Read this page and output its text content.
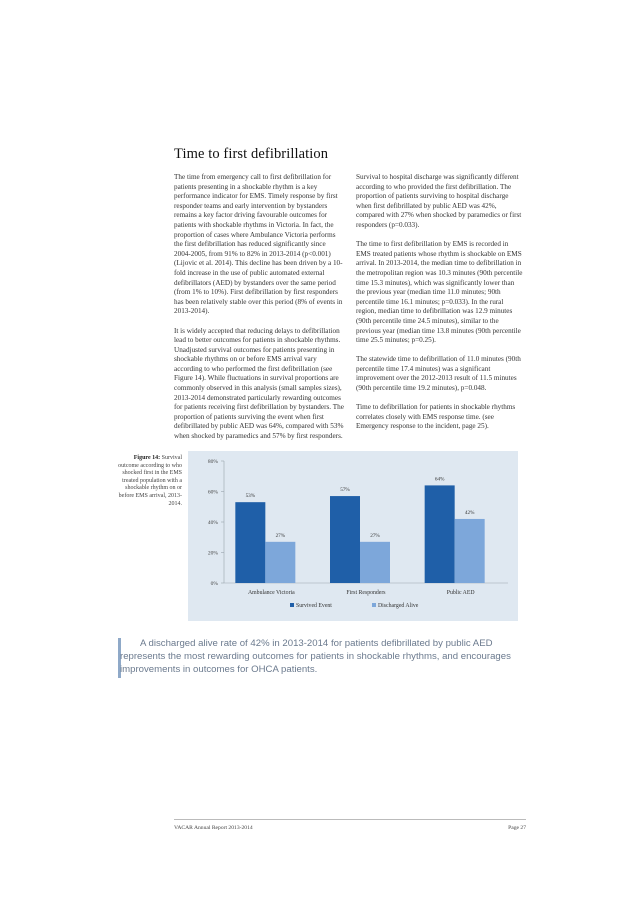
Time to first defibrillation

The time from emergency call to first defibrillation for patients presenting in a shockable rhythm is a key performance indicator for EMS. Timely response by first responder teams and early intervention by bystanders remains a key factor driving favourable outcomes for patients with shockable rhythms in Victoria. In fact, the proportion of cases where Ambulance Victoria performs the first defibrillation has reduced significantly since 2004-2005, from 91% to 82% in 2013-2014 (p<0.001) (Lijovic et al. 2014). This decline has been driven by a 10-fold increase in the use of public automated external defibrillators (AED) by bystanders over the same period (from 1% to 10%). First defibrillation by first responders has been relatively stable over this period (8% of events in 2013-2014).

It is widely accepted that reducing delays to defibrillation lead to better outcomes for patients in shockable rhythms. Unadjusted survival outcomes for patients presenting in shockable rhythms on or before EMS arrival vary according to who performed the first defibrillation (see Figure 14). While fluctuations in survival proportions are commonly observed in this analysis (small samples sizes), 2013-2014 demonstrated particularly rewarding outcomes for patients receiving first defibrillation by bystanders. The proportion of patients surviving the event when first defibrillated by public AED was 64%, compared with 53% when shocked by paramedics and 57% by first responders.

Survival to hospital discharge was significantly different according to who provided the first defibrillation. The proportion of patients surviving to hospital discharge when first defibrillated by public AED was 42%, compared with 27% when shocked by paramedics or first responders (p=0.033).

The time to first defibrillation by EMS is recorded in EMS treated patients whose rhythm is shockable on EMS arrival. In 2013-2014, the median time to defibrillation in the metropolitan region was 10.3 minutes (90th percentile time 15.3 minutes), which was significantly lower than the previous year (median time 11.0 minutes; 90th percentile time 16.1 minutes; p=0.033). In the rural region, median time to defibrillation was 12.9 minutes (90th percentile time 24.5 minutes), similar to the previous year (median time 13.8 minutes (90th percentile time 25.5 minutes; p=0.25).

The statewide time to defibrillation of 11.0 minutes (90th percentile time 17.4 minutes) was a significant improvement over the 2012-2013 result of 11.5 minutes (90th percentile time 19.2 minutes), p=0.048.

Time to defibrillation for patients in shockable rhythms correlates closely with EMS response time. (see Emergency response to the incident, page 25).

Figure 14: Survival outcome according to who shocked first in the EMS treated population with a shockable rhythm on or before EMS arrival, 2013-2014.
0%
20%
40%
60%
80%
53%
27%
Ambulance Victoria
57%
27%
First Responders
64%
42%
Public AED
Survived Event	Discharged Alive
A discharged alive rate of 42% in 2013-2014 for patients defibrillated by public AED represents the most rewarding outcomes for patients in shockable rhythms, and encourages improvements in outcomes for OHCA patients.
VACAR Annual Report 2013-2014	Page 27
